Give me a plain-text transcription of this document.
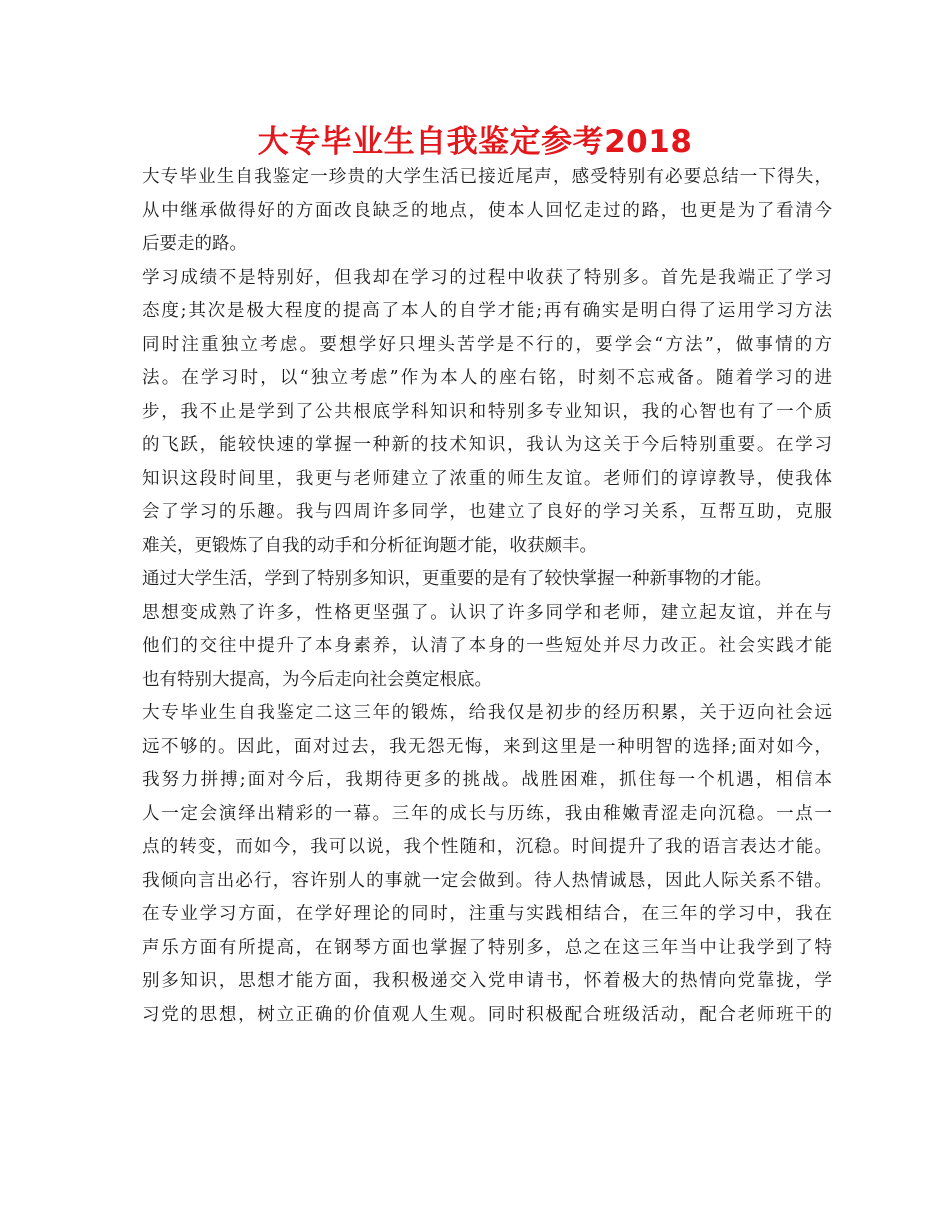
大专毕业生自我鉴定参考2018
大专毕业生自我鉴定一珍贵的大学生活已接近尾声，感受特别有必要总结一下得失，
从中继承做得好的方面改良缺乏的地点，使本人回忆走过的路，也更是为了看清今
后要走的路。
学习成绩不是特别好，但我却在学习的过程中收获了特别多。首先是我端正了学习
态度;其次是极大程度的提高了本人的自学才能;再有确实是明白得了运用学习方法
同时注重独立考虑。要想学好只埋头苦学是不行的，要学会“方法”，做事情的方
法。在学习时，以“独立考虑”作为本人的座右铭，时刻不忘戒备。随着学习的进
步，我不止是学到了公共根底学科知识和特别多专业知识，我的心智也有了一个质
的飞跃，能较快速的掌握一种新的技术知识，我认为这关于今后特别重要。在学习
知识这段时间里，我更与老师建立了浓重的师生友谊。老师们的谆谆教导，使我体
会了学习的乐趣。我与四周许多同学，也建立了良好的学习关系，互帮互助，克服
难关，更锻炼了自我的动手和分析征询题才能，收获颇丰。
通过大学生活，学到了特别多知识，更重要的是有了较快掌握一种新事物的才能。
思想变成熟了许多，性格更坚强了。认识了许多同学和老师，建立起友谊，并在与
他们的交往中提升了本身素养，认清了本身的一些短处并尽力改正。社会实践才能
也有特别大提高，为今后走向社会奠定根底。
大专毕业生自我鉴定二这三年的锻炼，给我仅是初步的经历积累，关于迈向社会远
远不够的。因此，面对过去，我无怨无悔，来到这里是一种明智的选择;面对如今，
我努力拼搏;面对今后，我期待更多的挑战。战胜困难，抓住每一个机遇，相信本
人一定会演绎出精彩的一幕。三年的成长与历练，我由稚嫩青涩走向沉稳。一点一
点的转变，而如今，我可以说，我个性随和，沉稳。时间提升了我的语言表达才能。
我倾向言出必行，容许别人的事就一定会做到。待人热情诚恳，因此人际关系不错。
在专业学习方面，在学好理论的同时，注重与实践相结合，在三年的学习中，我在
声乐方面有所提高，在钢琴方面也掌握了特别多，总之在这三年当中让我学到了特
别多知识，思想才能方面，我积极递交入党申请书，怀着极大的热情向党靠拢，学
习党的思想，树立正确的价值观人生观。同时积极配合班级活动，配合老师班干的
